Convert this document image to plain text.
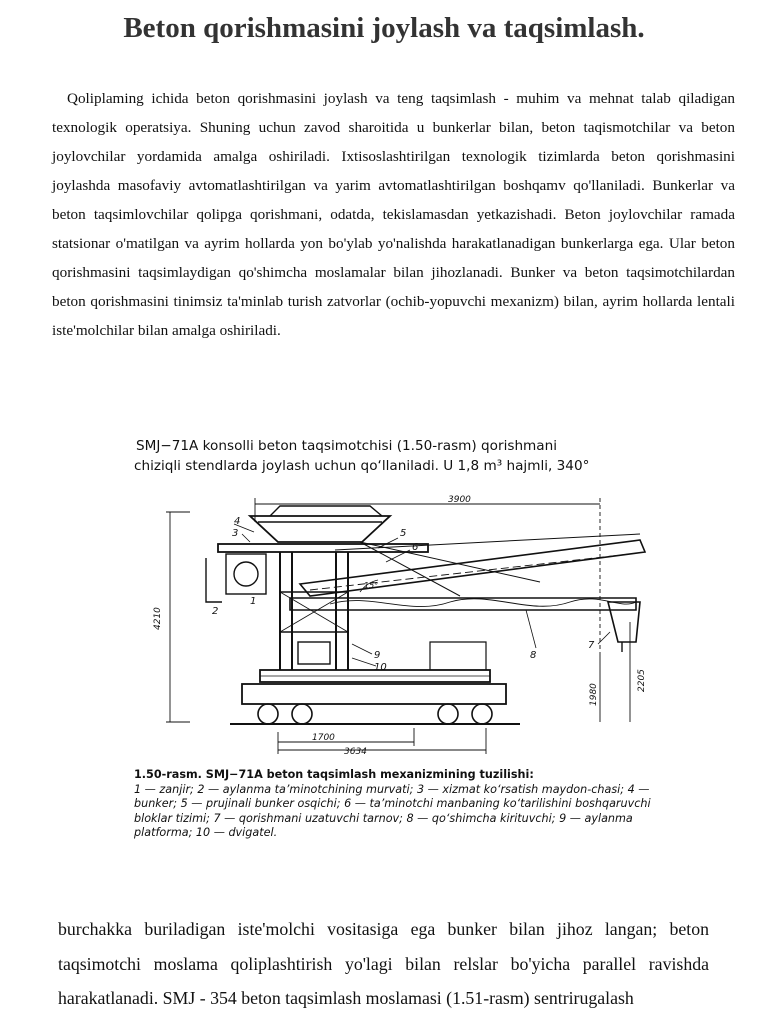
Beton qorishmasini joylash va taqsimlash.

Qoliplaming ichida beton qorishmasini joylash va teng taqsimlash - muhim va mehnat talab qiladigan texnologik operatsiya. Shuning uchun zavod sharoitida u bunkerlar bilan, beton taqismotchilar va beton joylovchilar yordamida amalga oshiriladi. Ixtisoslashtirilgan texnologik tizimlarda beton qorishmasini joylashda masofaviy avtomatlashtirilgan va yarim avtomatlashtirilgan boshqamv qo'llaniladi. Bunkerlar va beton taqsimlovchilar qolipga qorishmani, odatda, tekislamasdan yetkazishadi. Beton joylovchilar ramada statsionar o'matilgan va ayrim hollarda yon bo'ylab yo'nalishda harakatlanadigan bunkerlarga ega. Ular beton qorishmasini taqsimlaydigan qo'shimcha moslamalar bilan jihozlanadi. Bunker va beton taqsimotchilardan beton qorishmasini tinimsiz ta'minlab turish zatvorlar (ochib-yopuvchi mexanizm) bilan, ayrim hollarda lentali iste'molchilar bilan amalga oshiriladi.

SMJ−71A konsolli beton taqsimotchisi (1.50-rasm) qorishmani
chiziqli stendlarda joylash uchun qo‘llaniladi. U 1,8 m³ hajmli, 340°
3900
4210
1980
2205
1700
3634
15°
1
2
3
4
5
6
7
8
9
10
1.50-rasm. SMJ−71A beton taqsimlash mexanizmining tuzilishi:
1 — zanjir; 2 — aylanma ta’minotchining murvati; 3 — xizmat ko‘rsatish maydon-chasi; 4 — bunker; 5 — prujinali bunker osqichi; 6 — ta’minotchi manbaning ko‘tarilishini boshqaruvchi bloklar tizimi; 7 — qorishmani uzatuvchi tarnov; 8 — qo‘shimcha kirituvchi; 9 — aylanma platforma; 10 — dvigatel.

burchakka buriladigan iste'molchi vositasiga ega bunker bilan jihoz langan; beton taqsimotchi moslama qoliplashtirish yo'lagi bilan relslar bo'yicha parallel ravishda harakatlanadi. SMJ - 354 beton taqsimlash moslamasi (1.51-rasm) sentrirugalash
